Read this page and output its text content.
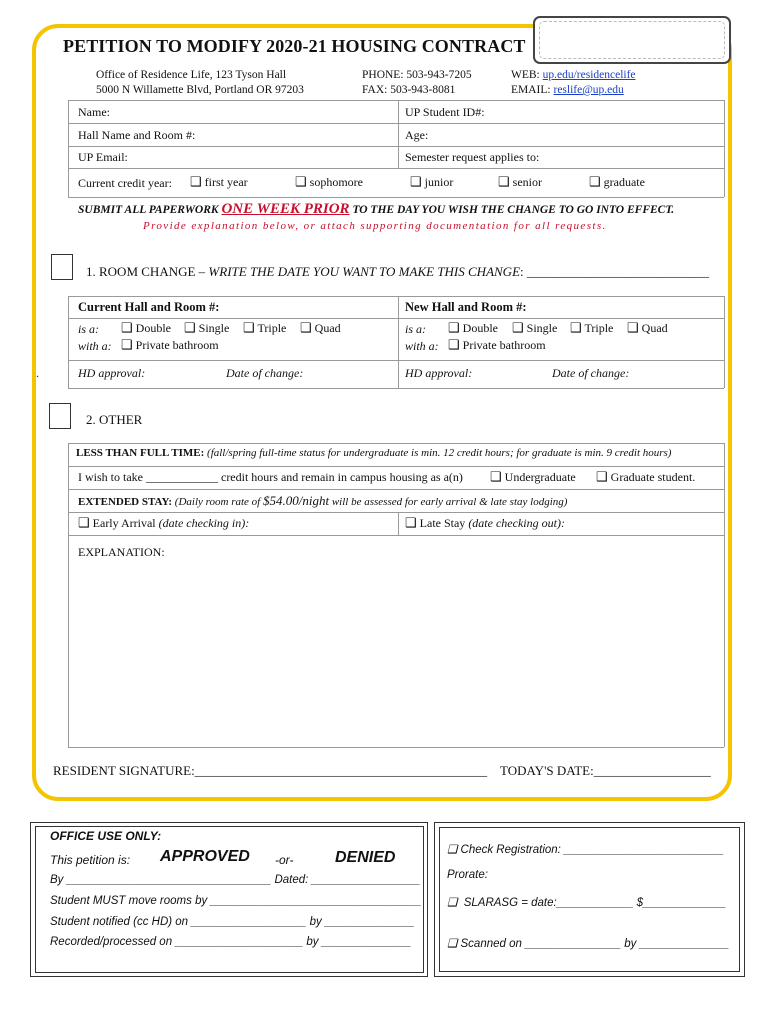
PETITION TO MODIFY 2020-21 HOUSING CONTRACT
Office of Residence Life, 123 Tyson Hall
5000 N Willamette Blvd, Portland OR 97203
PHONE: 503-943-7205
FAX: 503-943-8081
WEB: up.edu/residencelife
EMAIL: reslife@up.edu
Name:	UP Student ID#:
Hall Name and Room #:	Age:
UP Email:	Semester request applies to:
Current credit year: ❑ first year	❑ sophomore	❑ junior	❑ senior	❑ graduate
SUBMIT ALL PAPERWORK ONE WEEK PRIOR TO THE DAY YOU WISH THE CHANGE TO GO INTO EFFECT.
Provide explanation below, or attach supporting documentation for all requests.
1. ROOM CHANGE – WRITE THE DATE YOU WANT TO MAKE THIS CHANGE: ____________________________
Current Hall and Room #:	New Hall and Room #:
is a: ❑ Double ❑ Single ❑ Triple ❑ Quad
with a: ❑ Private bathroom
is a: ❑ Double ❑ Single ❑ Triple ❑ Quad
with a: ❑ Private bathroom
HD approval:	Date of change:	HD approval:	Date of change:
.
2. OTHER
LESS THAN FULL TIME: (fall/spring full-time status for undergraduate is min. 12 credit hours; for graduate is min. 9 credit hours)
I wish to take ____________ credit hours and remain in campus housing as a(n) ❑ Undergraduate ❑ Graduate student.
EXTENDED STAY: (Daily room rate of $54.00/night will be assessed for early arrival & late stay lodging)
❑ Early Arrival (date checking in):	❑ Late Stay (date checking out):
EXPLANATION:
RESIDENT SIGNATURE:_____________________________________________ TODAY'S DATE:__________________
OFFICE USE ONLY:
This petition is: APPROVED -or-	DENIED
By ________________________________ Dated: _________________
Student MUST move rooms by _________________________________
Student notified (cc HD) on __________________ by ______________
Recorded/processed on ____________________ by ______________
❑ Check Registration: _________________________
Prorate:
❑ SLARASG = date:____________ $_____________
❑ Scanned on _______________ by ______________
